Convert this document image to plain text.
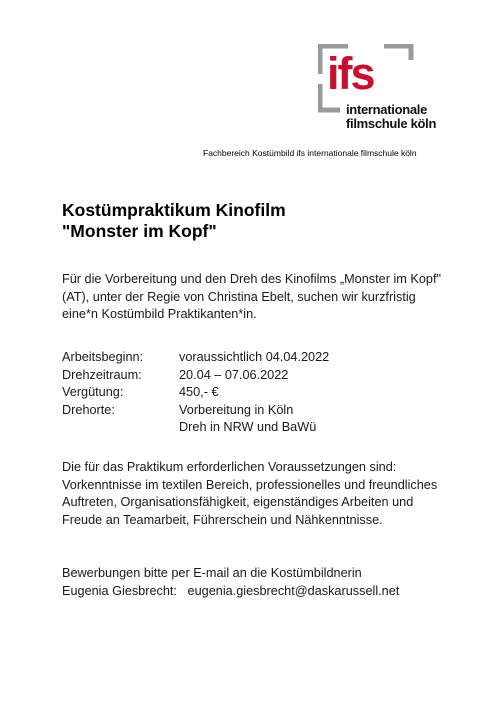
ifs
internationale
filmschule köln
Fachbereich Kostümbild ifs internationale filmschule köln
Kostümpraktikum Kinofilm
"Monster im Kopf"
Für die Vorbereitung und den Dreh des Kinofilms „Monster im Kopf" (AT), unter der Regie von Christina Ebelt, suchen wir kurzfristig eine*n Kostümbild Praktikanten*in.
Arbeitsbeginn:	voraussichtlich 04.04.2022
Drehzeitraum:	20.04 – 07.06.2022
Vergütung:	450,- €
Drehorte:	Vorbereitung in Köln
Dreh in NRW und BaWü
Die für das Praktikum erforderlichen Voraussetzungen sind: Vorkenntnisse im textilen Bereich, professionelles und freundliches Auftreten, Organisationsfähigkeit, eigenständiges Arbeiten und Freude an Teamarbeit, Führerschein und Nähkenntnisse.
Bewerbungen bitte per E-mail an die Kostümbildnerin
Eugenia Giesbrecht:   eugenia.giesbrecht@daskarussell.net
